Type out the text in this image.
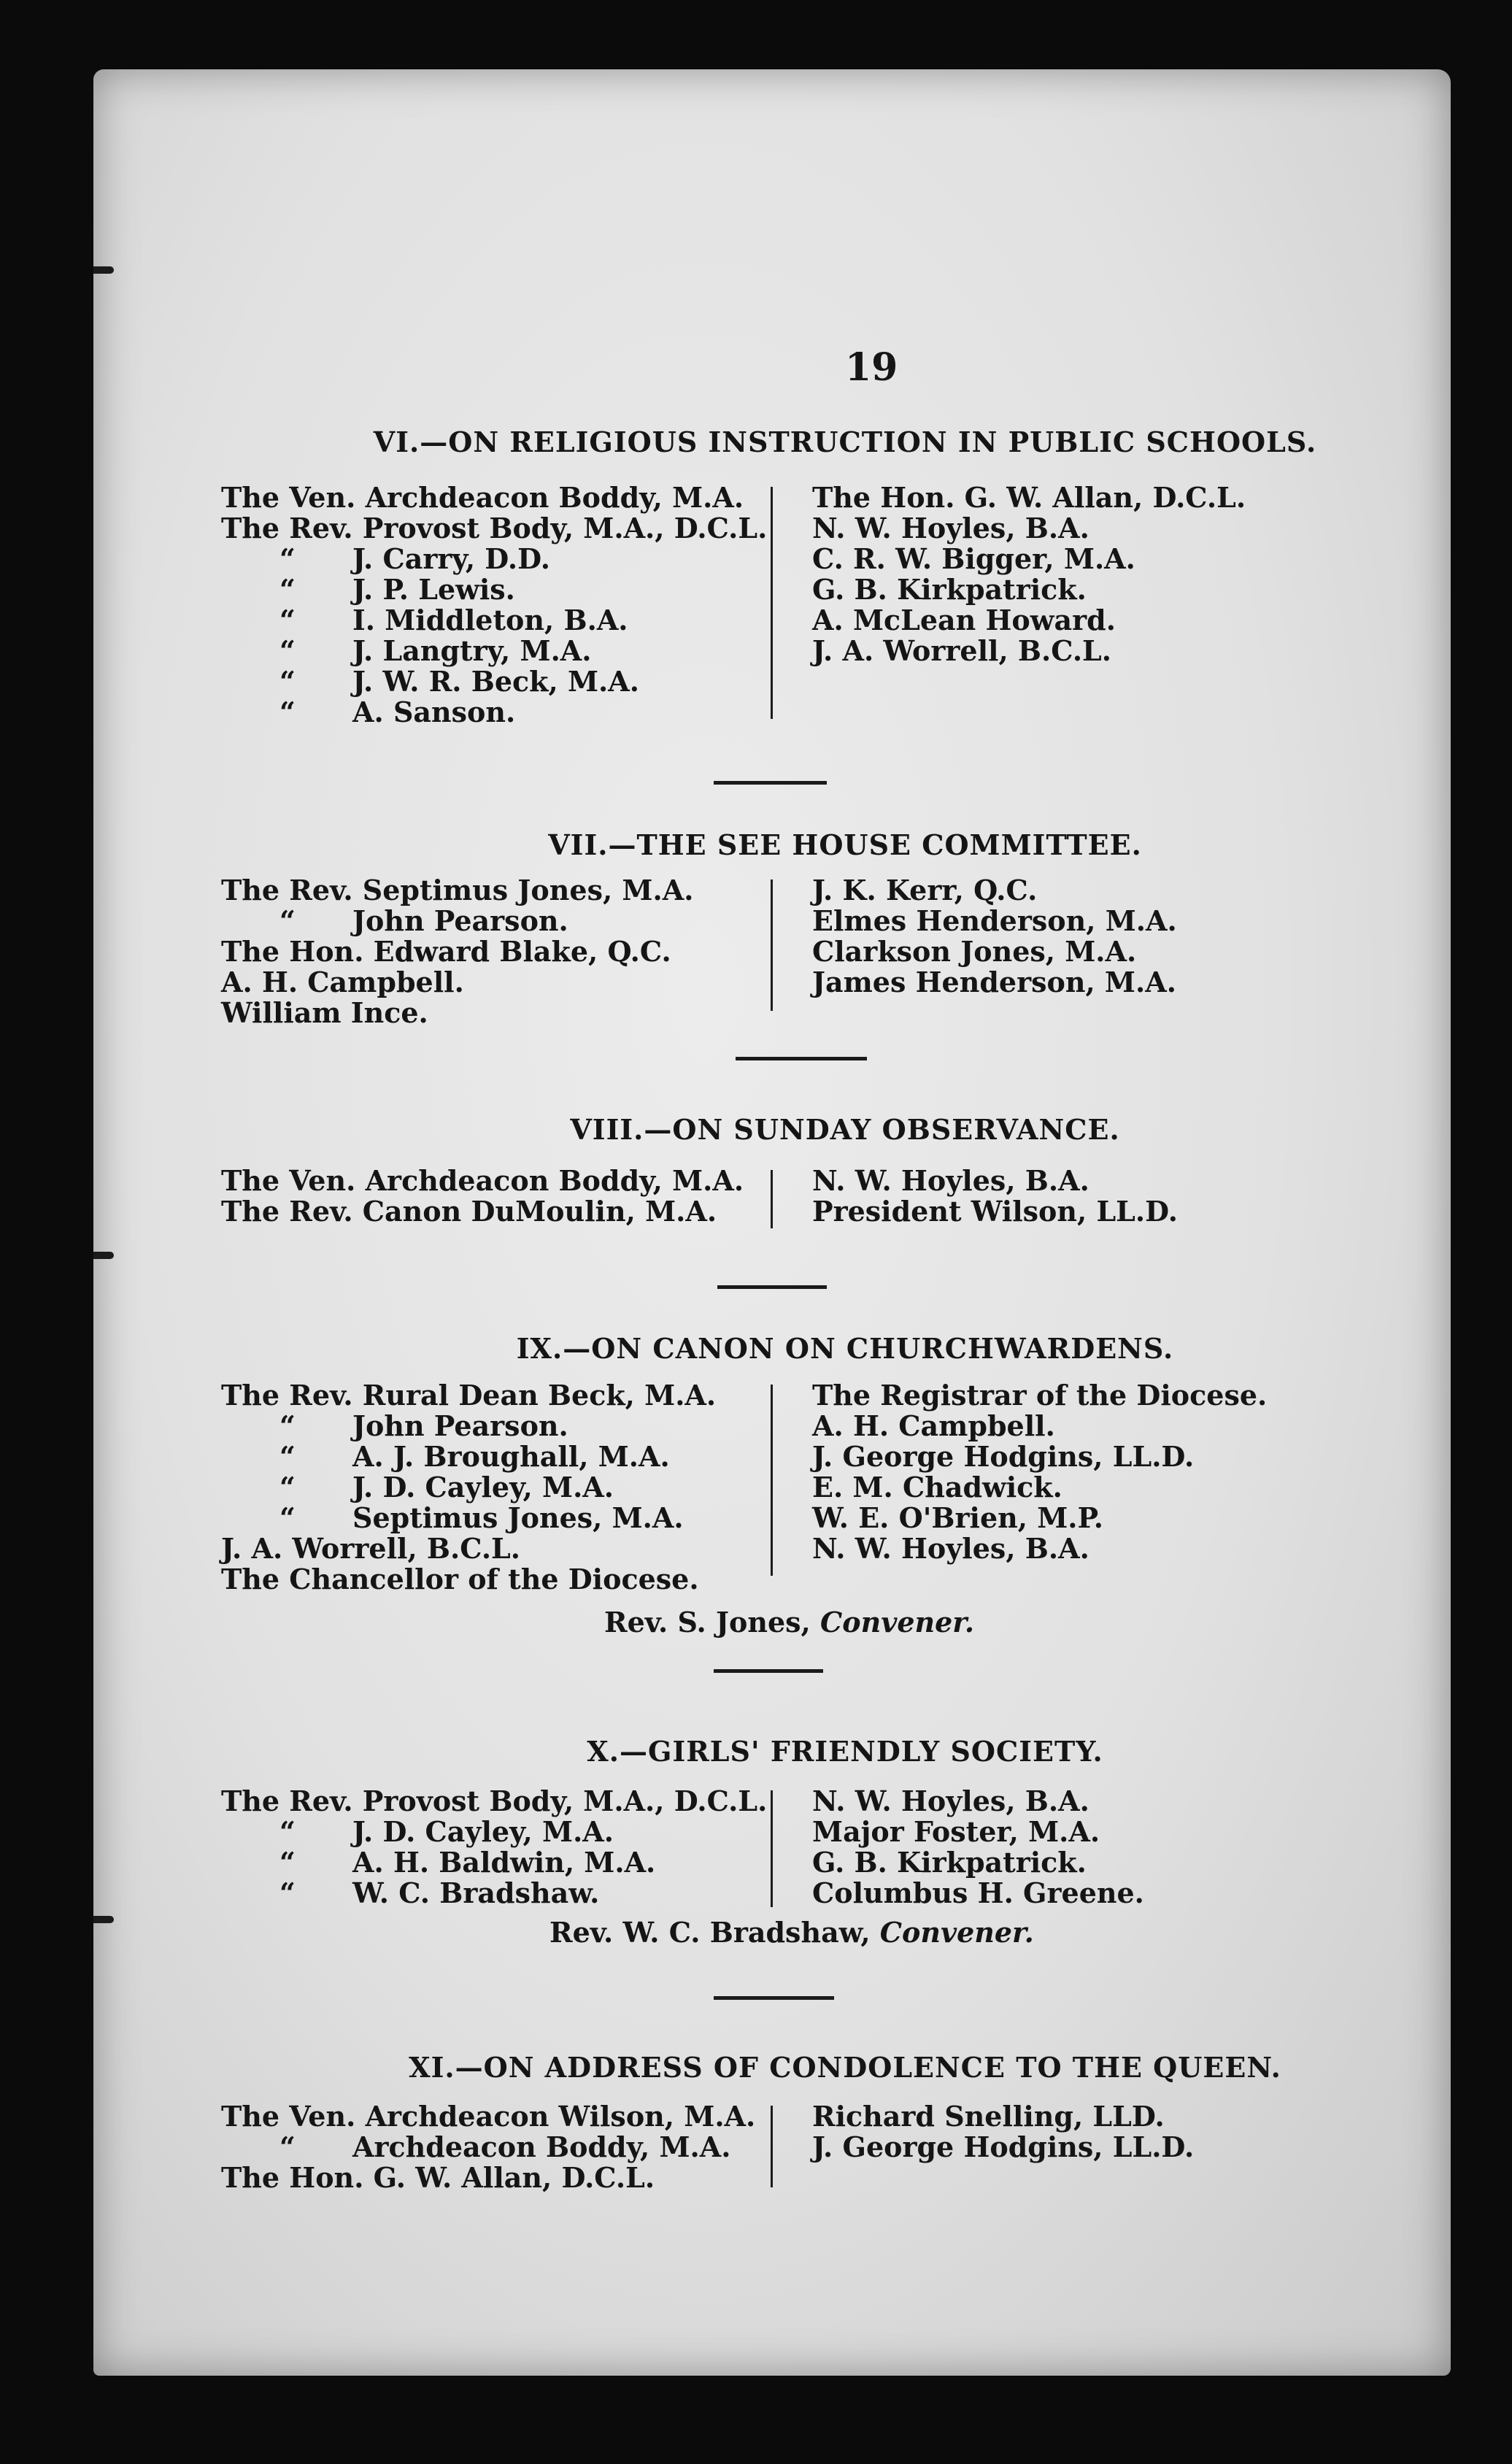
19
VI.—ON RELIGIOUS INSTRUCTION IN PUBLIC SCHOOLS.
The Ven. Archdeacon Boddy, M.A.
The Rev. Provost Body, M.A., D.C.L.
“ J. Carry, D.D.
“ J. P. Lewis.
“ I. Middleton, B.A.
“ J. Langtry, M.A.
“ J. W. R. Beck, M.A.
“ A. Sanson.
The Hon. G. W. Allan, D.C.L.
N. W. Hoyles, B.A.
C. R. W. Bigger, M.A.
G. B. Kirkpatrick.
A. McLean Howard.
J. A. Worrell, B.C.L.
VII.—THE SEE HOUSE COMMITTEE.
The Rev. Septimus Jones, M.A.
“ John Pearson.
The Hon. Edward Blake, Q.C.
A. H. Campbell.
William Ince.
J. K. Kerr, Q.C.
Elmes Henderson, M.A.
Clarkson Jones, M.A.
James Henderson, M.A.
VIII.—ON SUNDAY OBSERVANCE.
The Ven. Archdeacon Boddy, M.A.
The Rev. Canon DuMoulin, M.A.
N. W. Hoyles, B.A.
President Wilson, LL.D.
IX.—ON CANON ON CHURCHWARDENS.
The Rev. Rural Dean Beck, M.A.
“ John Pearson.
“ A. J. Broughall, M.A.
“ J. D. Cayley, M.A.
“ Septimus Jones, M.A.
J. A. Worrell, B.C.L.
The Chancellor of the Diocese.
The Registrar of the Diocese.
A. H. Campbell.
J. George Hodgins, LL.D.
E. M. Chadwick.
W. E. O'Brien, M.P.
N. W. Hoyles, B.A.
Rev. S. Jones, Convener.
X.—GIRLS' FRIENDLY SOCIETY.
The Rev. Provost Body, M.A., D.C.L.
“ J. D. Cayley, M.A.
“ A. H. Baldwin, M.A.
“ W. C. Bradshaw.
N. W. Hoyles, B.A.
Major Foster, M.A.
G. B. Kirkpatrick.
Columbus H. Greene.
Rev. W. C. Bradshaw, Convener.
XI.—ON ADDRESS OF CONDOLENCE TO THE QUEEN.
The Ven. Archdeacon Wilson, M.A.
“ Archdeacon Boddy, M.A.
The Hon. G. W. Allan, D.C.L.
Richard Snelling, LLD.
J. George Hodgins, LL.D.
